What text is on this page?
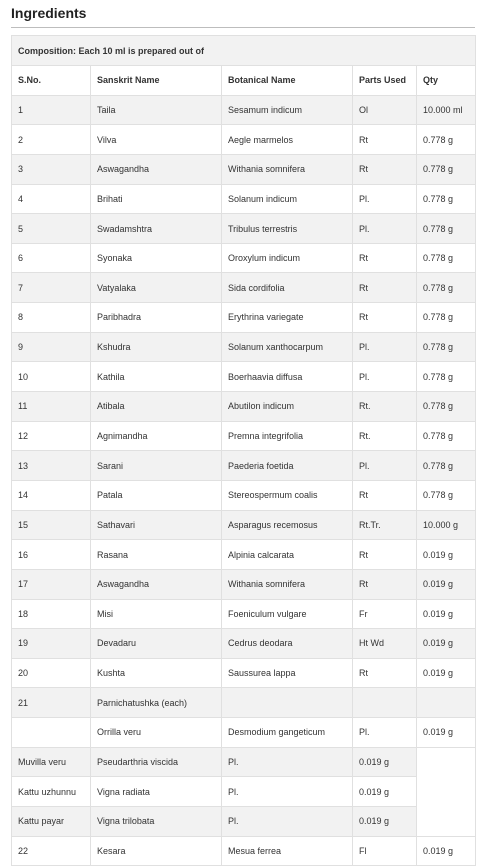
Ingredients
Composition: Each 10 ml is prepared out of				
S.No.	Sanskrit Name	Botanical Name	Parts Used	Qty
1	Taila	Sesamum indicum	Ol	10.000 ml
2	Vilva	Aegle marmelos	Rt	0.778 g
3	Aswagandha	Withania somnifera	Rt	0.778 g
4	Brihati	Solanum indicum	Pl.	0.778 g
5	Swadamshtra	Tribulus terrestris	Pl.	0.778 g
6	Syonaka	Oroxylum indicum	Rt	0.778 g
7	Vatyalaka	Sida cordifolia	Rt	0.778 g
8	Paribhadra	Erythrina variegate	Rt	0.778 g
9	Kshudra	Solanum xanthocarpum	Pl.	0.778 g
10	Kathila	Boerhaavia diffusa	Pl.	0.778 g
11	Atibala	Abutilon indicum	Rt.	0.778 g
12	Agnimandha	Premna integrifolia	Rt.	0.778 g
13	Sarani	Paederia foetida	Pl.	0.778 g
14	Patala	Stereospermum coalis	Rt	0.778 g
15	Sathavari	Asparagus recemosus	Rt.Tr.	10.000 g
16	Rasana	Alpinia calcarata	Rt	0.019 g
17	Aswagandha	Withania somnifera	Rt	0.019 g
18	Misi	Foeniculum vulgare	Fr	0.019 g
19	Devadaru	Cedrus deodara	Ht Wd	0.019 g
20	Kushta	Saussurea lappa	Rt	0.019 g
21	Parnichatushka (each)			
	Orrilla veru	Desmodium gangeticum	Pl.	0.019 g
Muvilla veru	Pseudarthria viscida	Pl.	0.019 g	
Kattu uzhunnu	Vigna radiata	Pl.	0.019 g	
Kattu payar	Vigna trilobata	Pl.	0.019 g	
22	Kesara	Mesua ferrea	Fl	0.019 g
